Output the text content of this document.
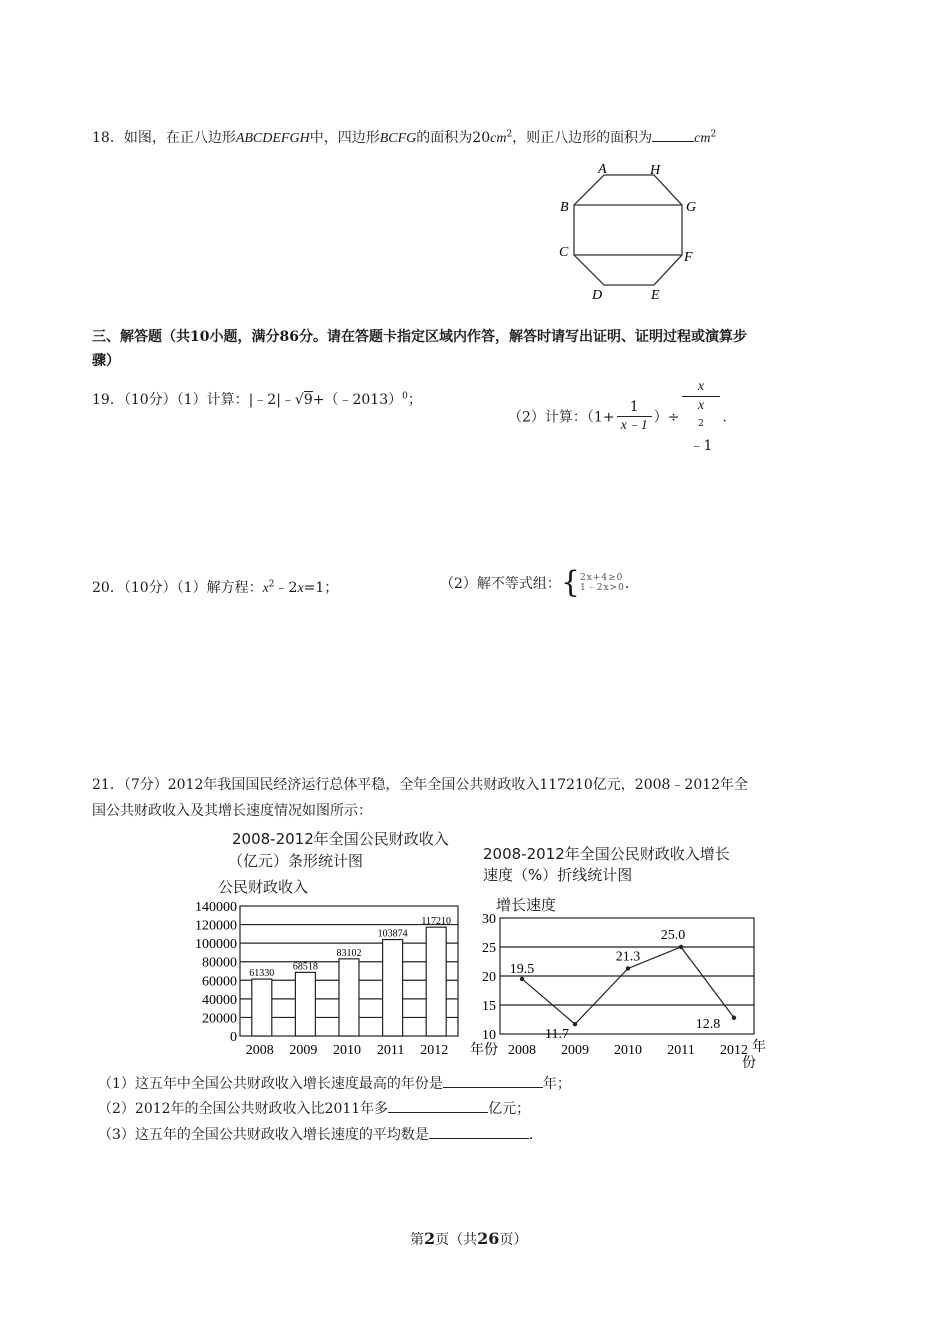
18．如图，在正八边形ABCDEFGH中，四边形BCFG的面积为$20cm^2$，则正八边形的面积为	$cm^2$
A	H
B	G
C	F
D	E
三、解答题（共10小题，满分86分。请在答题卡指定区域内作答，解答时请写出证明、证明过程或演算步
骤）
19．（10分）（1）计算：|﹣2|﹣√9+（﹣2013）$^0$；
（2）计算：（$1+ \frac{1}{x﹣1}$ ）÷ x
x
$^2$
﹣1 ．
20．（10分）（1）解方程：$x^2﹣2x=1$；	（2）解不等式组：{ 2x+4≥0
1﹣2x>0 ．
21．（7分）2012年我国国民经济运行总体平稳，全年全国公共财政收入117210亿元，2008﹣2012年全
国公共财政收入及其增长速度情况如图所示：
2008-2012年全国公民财政收入
（亿元）条形统计图
公民财政收入
0
20000
40000
60000
80000
100000
120000
140000
61330
2008
68518
2009
83102
2010
103874
2011
117210
2012 年份
2008-2012年全国公民财政收入增长
速度（%）折线统计图
增长速度
10
15
20
25
30
19.5
2008
11.7
2009
21.3
2010
25.0
2011
12.8
2012 年
份
（1）这五年中全国公共财政收入增长速度最高的年份是	年；
（2）2012年的全国公共财政收入比2011年多	亿元；
（3）这五年的全国公共财政收入增长速度的平均数是	．
第2页（共26页）
